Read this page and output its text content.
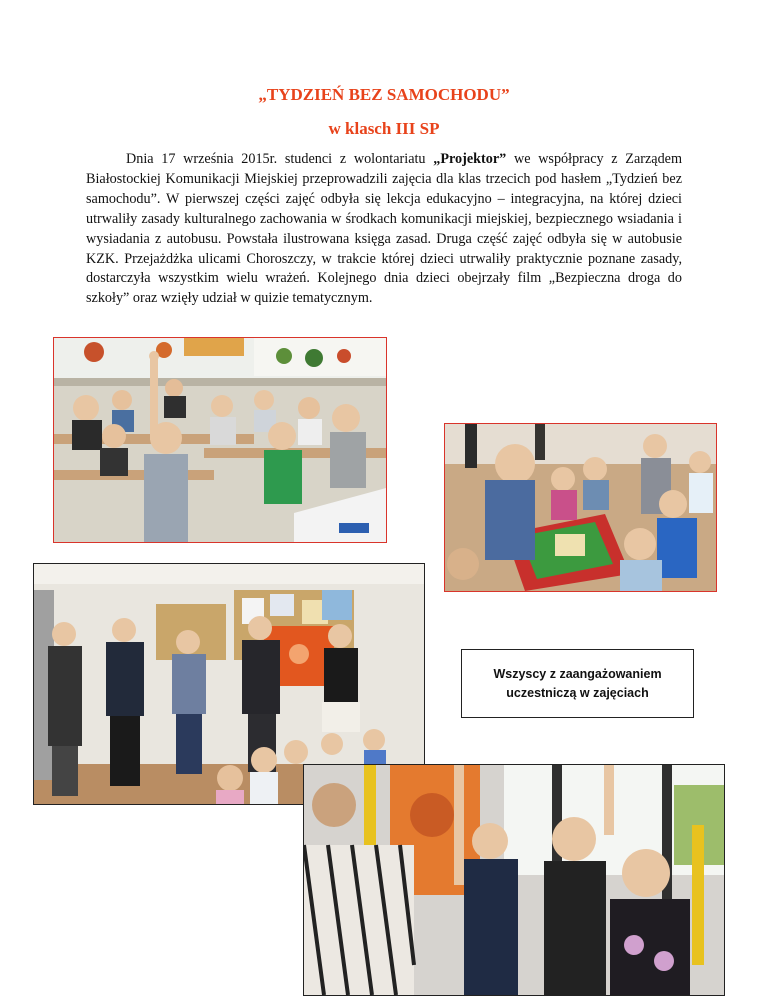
„TYDZIEŃ BEZ SAMOCHODU”
w klasch III SP

Dnia 17 września 2015r. studenci z wolontariatu „Projektor” we współpracy z Zarządem Białostockiej Komunikacji Miejskiej przeprowadzili zajęcia dla klas trzecich pod hasłem „Tydzień bez samochodu”. W pierwszej części zajęć odbyła się lekcja edukacyjno – integracyjna, na której dzieci utrwaliły zasady kulturalnego zachowania w środkach komunikacji miejskiej, bezpiecznego wsiadania i wysiadania z autobusu. Powstała ilustrowana księga zasad. Druga część zajęć odbyła się w autobusie KZK. Przejażdżka ulicami Choroszczy, w trakcie której dzieci utrwaliły praktycznie poznane zasady, dostarczyła wszystkim wielu wrażeń. Kolejnego dnia dzieci obejrzały film „Bezpieczna droga do szkoły” oraz wzięły udział w quizie tematycznym.

Wszyscy z zaangażowaniem uczestniczą w zajęciach
